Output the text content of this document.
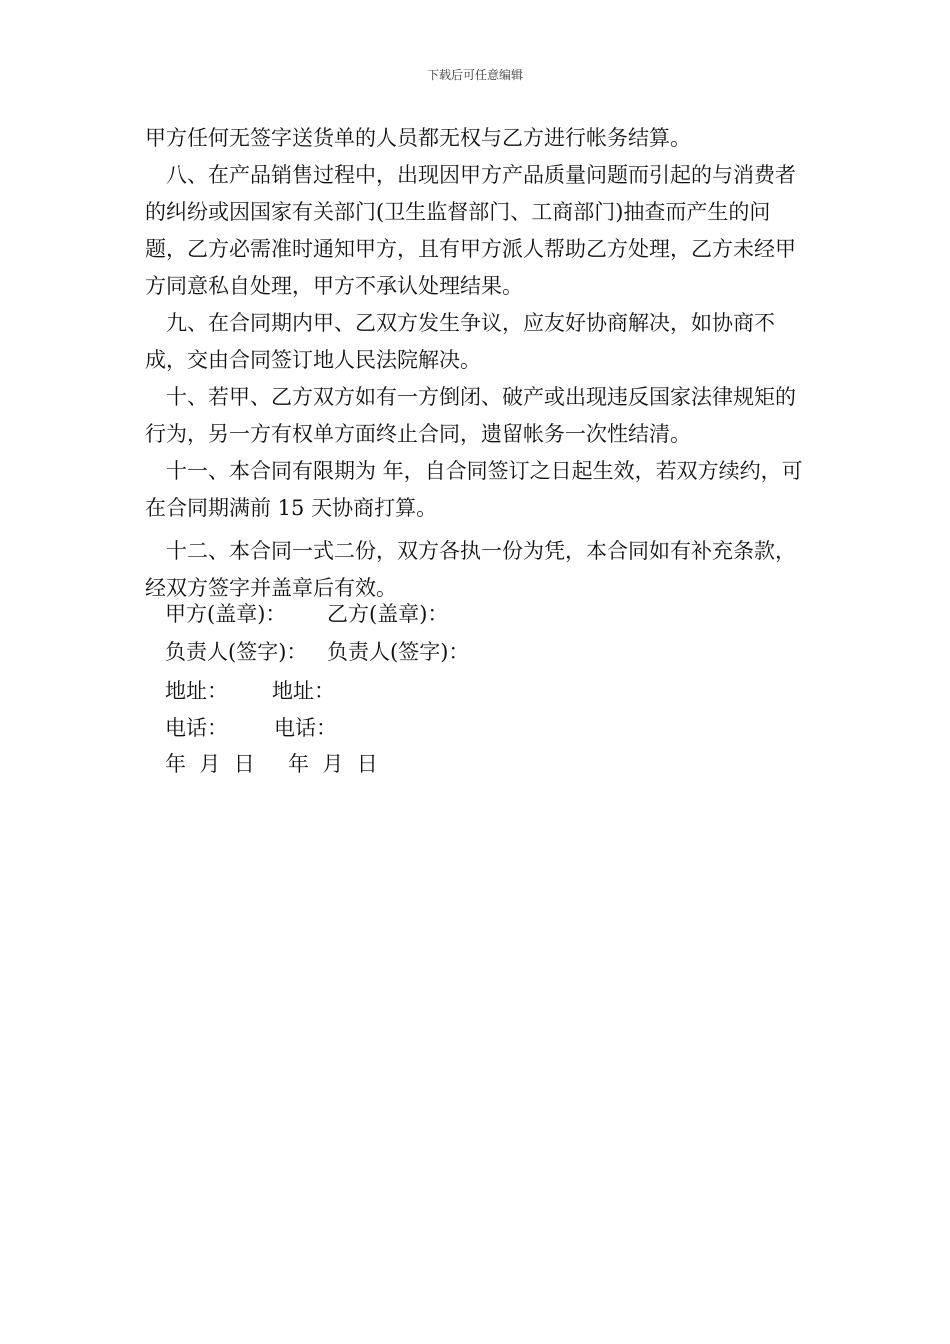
下载后可任意编辑

甲方任何无签字送货单的人员都无权与乙方进行帐务结算。

八、在产品销售过程中，出现因甲方产品质量问题而引起的与消费者的纠纷或因国家有关部门(卫生监督部门、工商部门)抽查而产生的问题，乙方必需准时通知甲方，且有甲方派人帮助乙方处理，乙方未经甲方同意私自处理，甲方不承认处理结果。

九、在合同期内甲、乙双方发生争议，应友好协商解决，如协商不成，交由合同签订地人民法院解决。

十、若甲、乙方双方如有一方倒闭、破产或出现违反国家法律规矩的行为，另一方有权单方面终止合同，遗留帐务一次性结清。

十一、本合同有限期为 年，自合同签订之日起生效，若双方续约，可在合同期满前 15 天协商打算。

十二、本合同一式二份，双方各执一份为凭，本合同如有补充条款，经双方签字并盖章后有效。

甲方(盖章)： 乙方(盖章)：
负责人(签字)： 负责人(签字)：
地址： 地址：
电话： 电话：
年  月  日 年  月  日
